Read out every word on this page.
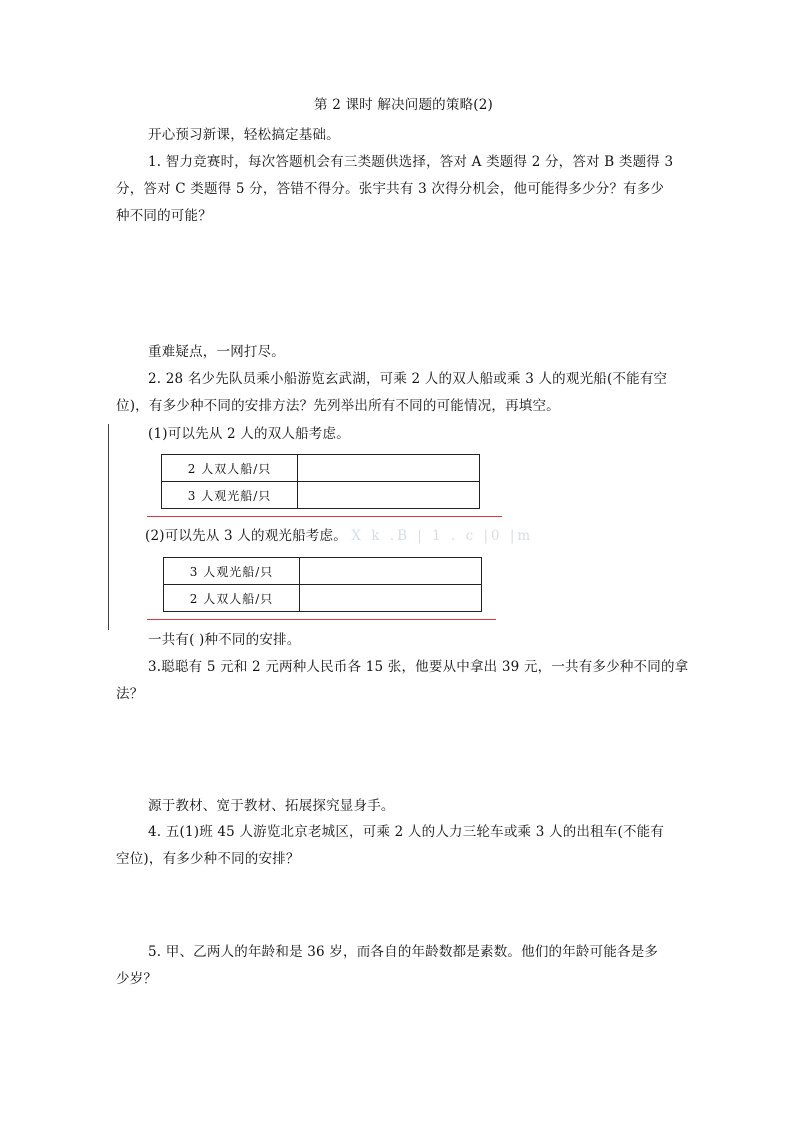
第 2 课时 解决问题的策略(2)
开心预习新课，轻松搞定基础。
1. 智力竞赛时，每次答题机会有三类题供选择，答对 A 类题得 2 分，答对 B 类题得 3
分，答对 C 类题得 5 分，答错不得分。张宇共有 3 次得分机会，他可能得多少分？有多少
种不同的可能？
重难疑点，一网打尽。
2. 28 名少先队员乘小船游览玄武湖，可乘 2 人的双人船或乘 3 人的观光船(不能有空
位)，有多少种不同的安排方法？先列举出所有不同的可能情况，再填空。
(1)可以先从 2 人的双人船考虑。
2 人双人船/只	
3 人观光船/只	
(2)可以先从 3 人的观光船考虑。 X k .B | 1 . c |0 |m
3 人观光船/只	
2 人双人船/只	
一共有( )种不同的安排。
3.聪聪有 5 元和 2 元两种人民币各 15 张，他要从中拿出 39 元，一共有多少种不同的拿
法？
源于教材、宽于教材、拓展探究显身手。
4. 五(1)班 45 人游览北京老城区，可乘 2 人的人力三轮车或乘 3 人的出租车(不能有
空位)，有多少种不同的安排？
5. 甲、乙两人的年龄和是 36 岁，而各自的年龄数都是素数。他们的年龄可能各是多
少岁？
